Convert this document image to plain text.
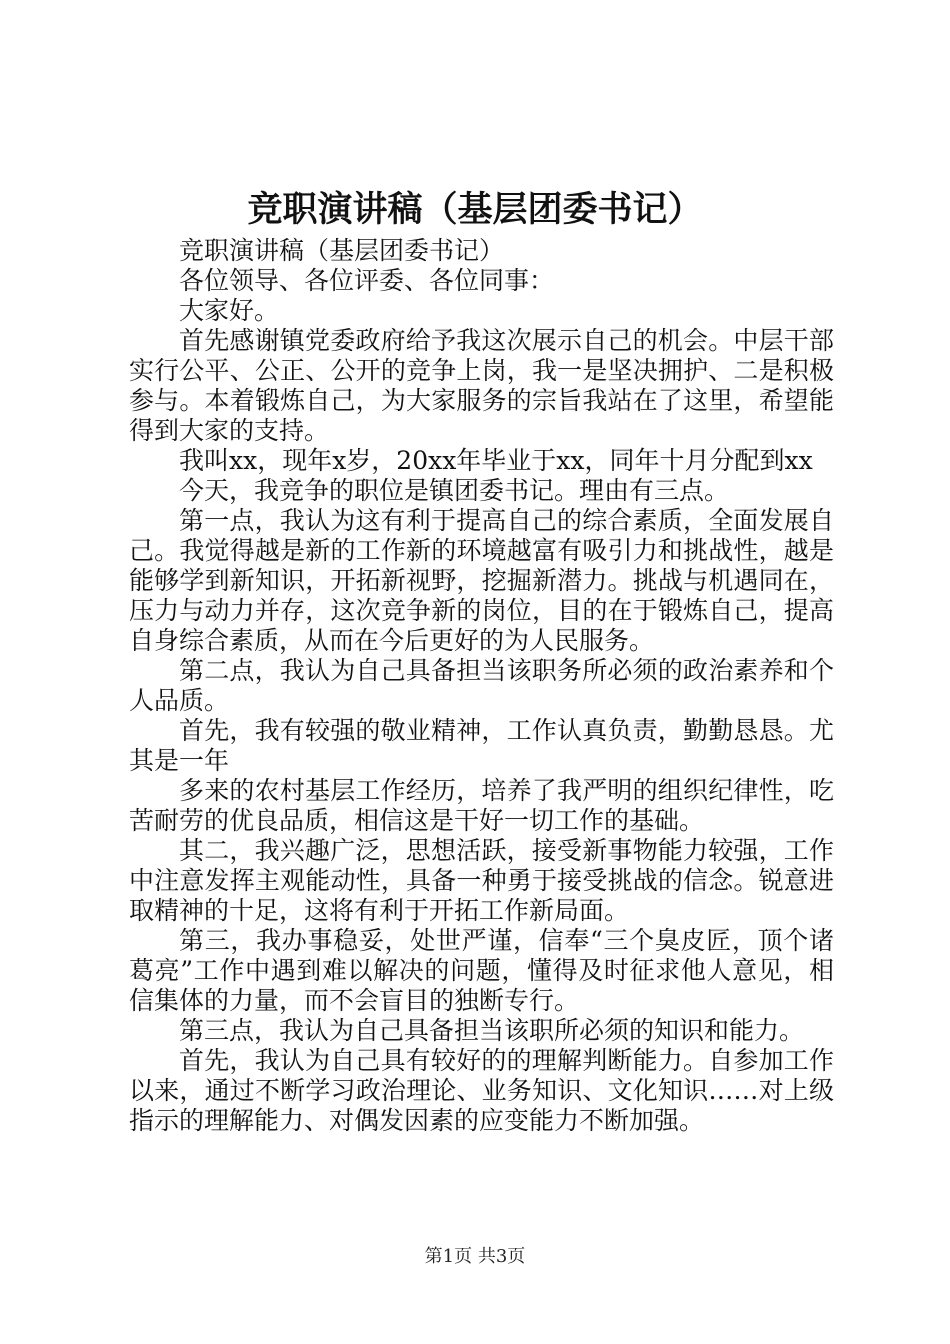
竞职演讲稿（基层团委书记）

竞职演讲稿（基层团委书记）

各位领导、各位评委、各位同事：

大家好。

首先感谢镇党委政府给予我这次展示自己的机会。中层干部实行公平、公正、公开的竞争上岗，我一是坚决拥护、二是积极参与。本着锻炼自己，为大家服务的宗旨我站在了这里，希望能得到大家的支持。

我叫xx，现年x岁，20xx年毕业于xx，同年十月分配到xx

今天，我竞争的职位是镇团委书记。理由有三点。

第一点，我认为这有利于提高自己的综合素质，全面发展自己。我觉得越是新的工作新的环境越富有吸引力和挑战性，越是能够学到新知识，开拓新视野，挖掘新潜力。挑战与机遇同在，压力与动力并存，这次竞争新的岗位，目的在于锻炼自己，提高自身综合素质，从而在今后更好的为人民服务。

第二点，我认为自己具备担当该职务所必须的政治素养和个人品质。

首先，我有较强的敬业精神，工作认真负责，勤勤恳恳。尤其是一年

多来的农村基层工作经历，培养了我严明的组织纪律性，吃苦耐劳的优良品质，相信这是干好一切工作的基础。

其二，我兴趣广泛，思想活跃，接受新事物能力较强，工作中注意发挥主观能动性，具备一种勇于接受挑战的信念。锐意进取精神的十足，这将有利于开拓工作新局面。

第三，我办事稳妥，处世严谨，信奉“三个臭皮匠，顶个诸葛亮”工作中遇到难以解决的问题，懂得及时征求他人意见，相信集体的力量，而不会盲目的独断专行。

第三点，我认为自己具备担当该职所必须的知识和能力。

首先，我认为自己具有较好的的理解判断能力。自参加工作以来，通过不断学习政治理论、业务知识、文化知识……对上级指示的理解能力、对偶发因素的应变能力不断加强。

第1页 共3页
